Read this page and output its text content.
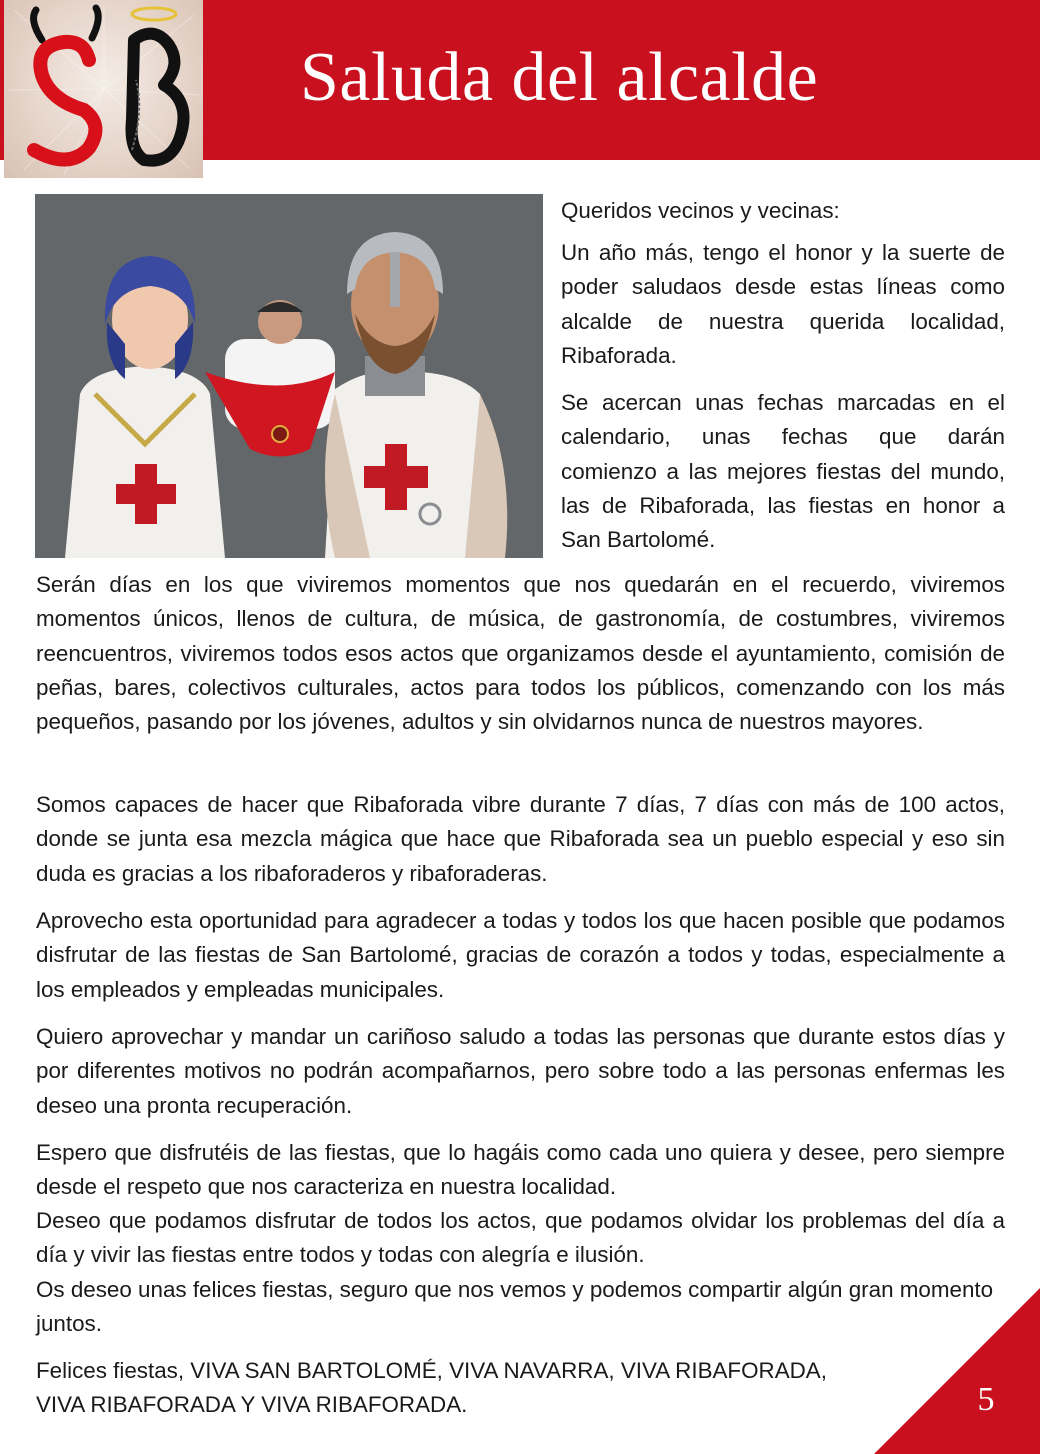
Saluda del alcalde

Queridos vecinos y vecinas:

Un año más, tengo el honor y la suerte de poder saludaos desde estas líneas como alcalde de nuestra querida localidad, Ribaforada.

Se acercan unas fechas marcadas en el calendario, unas fechas que darán comienzo a las mejores fiestas del mundo, las de Ribaforada, las fiestas en honor a San Bartolomé.

Serán días en los que viviremos momentos que nos quedarán en el recuerdo, viviremos momentos únicos, llenos de cultura, de música, de gastronomía, de costumbres, viviremos reencuentros, viviremos todos esos actos que organizamos desde el ayuntamiento, comisión de peñas, bares, colectivos culturales, actos para todos los públicos, comenzando con los más pequeños, pasando por los jóvenes, adultos y sin olvidarnos nunca de nuestros mayores.

Somos capaces de hacer que Ribaforada vibre durante 7 días, 7 días con más de 100 actos, donde se junta esa mezcla mágica que hace que Ribaforada sea un pueblo especial y eso sin duda es gracias a los ribaforaderos y ribaforaderas.

Aprovecho esta oportunidad para agradecer a todas y todos los que hacen posible que podamos disfrutar de las fiestas de San Bartolomé, gracias de corazón a todos y todas, especialmente a los empleados y empleadas municipales.

Quiero aprovechar y mandar un cariñoso saludo a todas las personas que durante estos días y por diferentes motivos no podrán acompañarnos, pero sobre todo a las personas enfermas les deseo una pronta recuperación.

Espero que disfrutéis de las fiestas, que lo hagáis como cada uno quiera y desee, pero siempre desde el respeto que nos caracteriza en nuestra localidad.

Deseo que podamos disfrutar de todos los actos, que podamos olvidar los problemas del día a día y vivir las fiestas entre todos y todas con alegría e ilusión.

Os deseo unas felices fiestas, seguro que nos vemos y podemos compartir algún gran momento juntos.

Felices fiestas, VIVA SAN BARTOLOMÉ, VIVA NAVARRA, VIVA RIBAFORADA,

VIVA RIBAFORADA Y VIVA RIBAFORADA.	5
